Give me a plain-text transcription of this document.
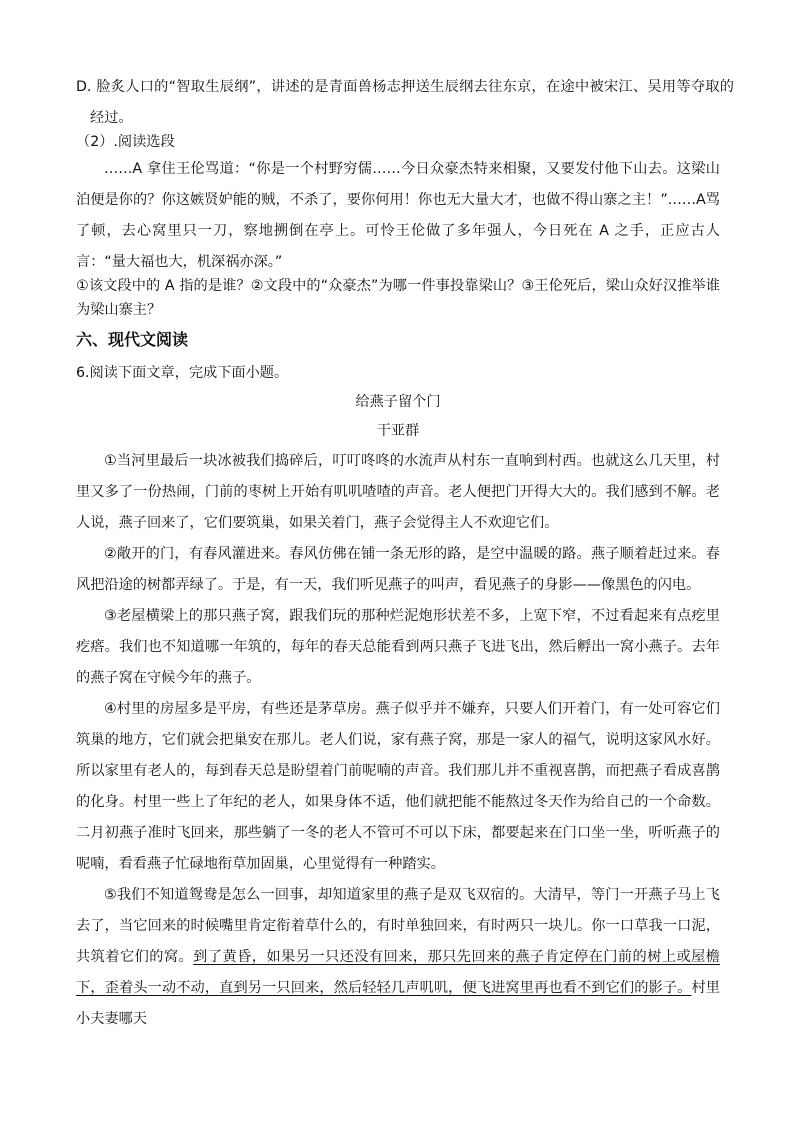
D. 脸炙人口的“智取生辰纲”，讲述的是青面兽杨志押送生辰纲去往东京，在途中被宋江、吴用等夺取的经过。

（2）.阅读选段

……A 拿住王伦骂道：“你是一个村野穷儒……今日众豪杰特来相聚，又要发付他下山去。这梁山泊便是你的？你这嫉贤妒能的贼，不杀了，要你何用！你也无大量大才，也做不得山寨之主！”……A骂了顿，去心窝里只一刀，察地搠倒在亭上。可怜王伦做了多年强人，今日死在 A 之手，正应古人言：“量大福也大，机深祸亦深。”

①该文段中的 A 指的是谁？②文段中的“众豪杰”为哪一件事投靠梁山？③王伦死后，梁山众好汉推举谁为梁山寨主？

六、现代文阅读
6.阅读下面文章，完成下面小题。
给燕子留个门
干亚群

①当河里最后一块冰被我们捣碎后，叮叮咚咚的水流声从村东一直响到村西。也就这么几天里，村里又多了一份热闹，门前的枣树上开始有叽叽喳喳的声音。老人便把门开得大大的。我们感到不解。老人说，燕子回来了，它们要筑巢，如果关着门，燕子会觉得主人不欢迎它们。

②敞开的门，有春风灌进来。春风仿佛在铺一条无形的路，是空中温暖的路。燕子顺着赶过来。春风把沿途的树都弄绿了。于是，有一天，我们听见燕子的叫声，看见燕子的身影——像黑色的闪电。

③老屋横梁上的那只燕子窝，跟我们玩的那种烂泥炮形状差不多，上宽下窄，不过看起来有点疙里疙瘩。我们也不知道哪一年筑的，每年的春天总能看到两只燕子飞进飞出，然后孵出一窝小燕子。去年的燕子窝在守候今年的燕子。

④村里的房屋多是平房，有些还是茅草房。燕子似乎并不嫌弃，只要人们开着门，有一处可容它们筑巢的地方，它们就会把巢安在那儿。老人们说，家有燕子窝，那是一家人的福气，说明这家风水好。所以家里有老人的，每到春天总是盼望着门前呢喃的声音。我们那儿并不重视喜鹊，而把燕子看成喜鹊的化身。村里一些上了年纪的老人，如果身体不适，他们就把能不能熬过冬天作为给自己的一个命数。二月初燕子准时飞回来，那些躺了一冬的老人不管可不可以下床，都要起来在门口坐一坐，听听燕子的呢喃，看看燕子忙碌地衔草加固巢，心里觉得有一种踏实。

⑤我们不知道鸳鸯是怎么一回事，却知道家里的燕子是双飞双宿的。大清早，等门一开燕子马上飞去了，当它回来的时候嘴里肯定衔着草什么的，有时单独回来，有时两只一块儿。你一口草我一口泥，共筑着它们的窝。到了黄昏，如果另一只还没有回来，那只先回来的燕子肯定停在门前的树上或屋檐下，歪着头一动不动，直到另一只回来，然后轻轻几声叽叽，便飞进窝里再也看不到它们的影子。村里小夫妻哪天
